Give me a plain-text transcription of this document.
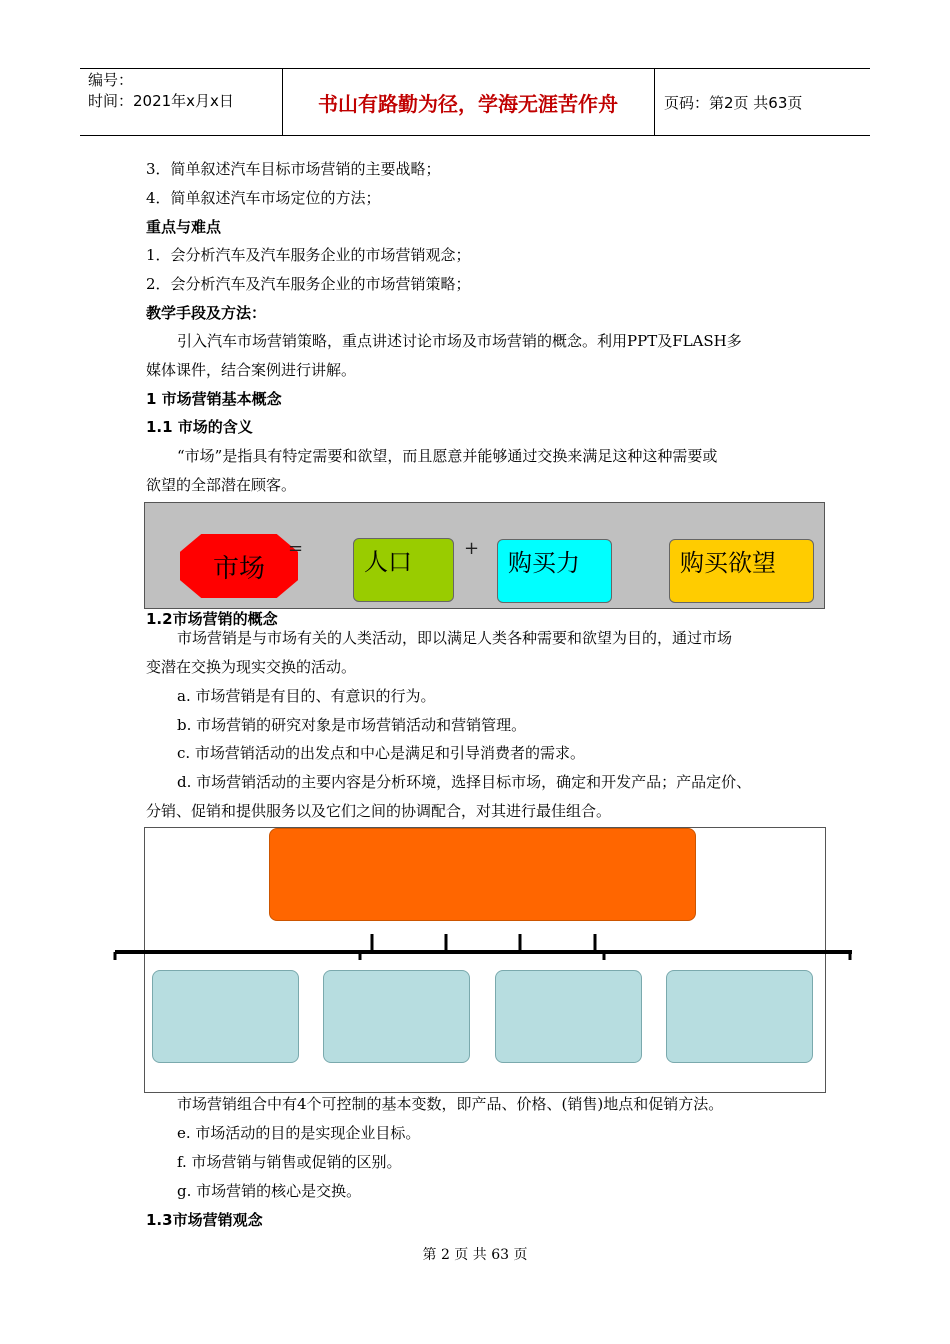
编号：
时间：2021年x月x日	书山有路勤为径，学海无涯苦作舟	页码：第2页 共63页
3．简单叙述汽车目标市场营销的主要战略；
4．简单叙述汽车市场定位的方法；
重点与难点
1．会分析汽车及汽车服务企业的市场营销观念；
2．会分析汽车及汽车服务企业的市场营销策略；
教学手段及方法：
引入汽车市场营销策略，重点讲述讨论市场及市场营销的概念。利用PPT及FLASH多
媒体课件，结合案例进行讲解。
1 市场营销基本概念
1.1 市场的含义
“市场”是指具有特定需要和欲望，而且愿意并能够通过交换来满足这种这种需要或
欲望的全部潜在顾客。
市场
=	人口	+
购买力	购买欲望
1.2市场营销的概念
市场营销是与市场有关的人类活动，即以满足人类各种需要和欲望为目的，通过市场
变潜在交换为现实交换的活动。
a. 市场营销是有目的、有意识的行为。
b. 市场营销的研究对象是市场营销活动和营销管理。
c. 市场营销活动的出发点和中心是满足和引导消费者的需求。
d. 市场营销活动的主要内容是分析环境，选择目标市场，确定和开发产品；产品定价、
分销、促销和提供服务以及它们之间的协调配合，对其进行最佳组合。
市场营销组合中有4个可控制的基本变数，即产品、价格、(销售)地点和促销方法。
e. 市场活动的目的是实现企业目标。
f. 市场营销与销售或促销的区别。
g. 市场营销的核心是交换。
1.3市场营销观念
第 2 页 共 63 页
